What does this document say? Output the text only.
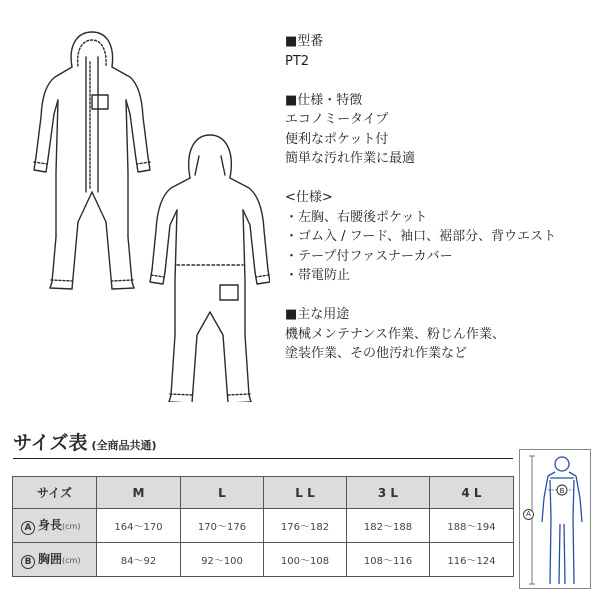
■型番
PT2
■仕様・特徴
エコノミータイプ
便利なポケット付
簡単な汚れ作業に最適
<仕様>
・左胸、右腰後ポケット
・ゴム入 / フード、袖口、裾部分、背ウエスト
・テープ付ファスナーカバー
・帯電防止
■主な用途
機械メンテナンス作業、粉じん作業、
塗装作業、その他汚れ作業など
サイズ表 (全商品共通)
サイズ	M	L	L L	3 L	4 L
A 身長(cm)	164～170	170～176	176～182	182～188	188～194
B 胸囲(cm)	84～92	92～100	100～108	108～116	116～124
B
A
